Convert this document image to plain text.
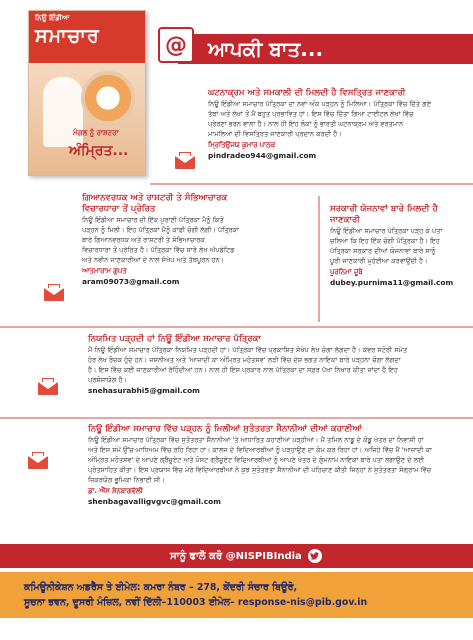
ਨਿਊ ਇੰਡੀਆ
ਸਮਾਚਾਰ
ਮੰਗਲ ਨੂੰ ਰਾਸ਼ਟਰਾ
ਅੰਮ੍ਰਿਤ...
ਆਪਕੀ ਬਾਤ...
@
ਘਟਨਾਕ੍ਰਮ ਅਤੇ ਸਮਕਾਲੀ ਦੀ ਮਿਲਦੀ ਹੈ ਵਿਸਤ੍ਰਿਤ ਜਾਣਕਾਰੀ
ਨਿਊ ਇੰਡੀਆ ਸਮਾਚਾਰ ਪੱਤ੍ਰਿਕਾ ਦਾ ਨਵਾਂ ਅੰਕ ਪੜ੍ਹਨ ਨੂੰ ਮਿਲਿਆ। ਪੱਤ੍ਰਿਕਾ ਵਿੱਚ ਦਿੱਤੇ ਗਏ
ਤੱਥਾਂ ਅਤੇ ਲੇਖਾਂ ਤੋਂ ਮੈਂ ਬਹੁਤ ਪ੍ਰਭਾਵਿਤ ਹਾਂ। ਇਸ ਵਿੱਚ ਦਿੱਤਾ ਗਿਆ ਟਾਈਟਲ ਲੇਖਾਂ ਵਿੱਚ
ਪ੍ਰੇਰਣਾ ਭਰਨ ਵਾਲਾ ਹੈ। ਨਾਲ ਹੀ ਇਹ ਲੋਕਾਂ ਨੂੰ ਭਾਰਤੀ ਘਟਨਾਕ੍ਰਮ ਅਤੇ ਵਰਤਮਾਨ
ਮਾਮਲਿਆਂ ਦੀ ਵਿਸਤ੍ਰਿਤ ਜਾਣਕਾਰੀ ਪ੍ਰਦਾਨ ਕਰਦੀ ਹੈ।
ਮ੍ਰਿਤਿਉਂਜਯ ਕੁਮਾਰ ਪਾਠਕ
pindradeo944@gmail.com
ਗਿਆਨਵਰਧਕ ਅਤੇ ਰਾਸ਼ਟਰੀ ਤੇ ਸੰਭਿਆਚਾਰਕ
ਵਿਚਾਰਧਾਰਾ ਤੋਂ ਪ੍ਰੇਰਿਤ
ਨਿਊ ਇੰਡੀਆ ਸਮਾਚਾਰ ਦੀ ਇੱਕ ਪੁਰਾਣੀ ਪੱਤ੍ਰਿਕਾ ਮੈਨੂੰ ਕਿਤੋਂ
ਪੜ੍ਹਨ ਨੂੰ ਮਿਲੀ। ਇਹ ਪੱਤ੍ਰਿਕਾ ਮੈਨੂੰ ਕਾਫੀ ਚੰਗੀ ਲੱਗੀ। ਪੱਤ੍ਰਿਕਾ
ਬਾਰੇ ਗਿਆਨਵਰਧਕ ਅਤੇ ਰਾਸ਼ਟਰੀ ਤੇ ਸੰਭਿਆਚਾਰਕ
ਵਿਚਾਰਧਾਰਾ ਤੋਂ ਪ੍ਰੇਰਿਤ ਹੈ। ਪੱਤ੍ਰਿਕਾ ਵਿੱਚ ਸਾਰੇ ਲੇਖ ਅੱਪਡੇਟਿਡ
ਅਤੇ ਨਵੀਨ ਜਾਣਕਾਰੀਆਂ ਦੇ ਨਾਲ ਸੰਖੇਪ ਅਤੇ ਤੱਥਪੂਰਨ ਹਨ।
ਆਤਮਾਰਾਮ ਗੁਪਤ
aram09073@gmail.com
ਸਰਕਾਰੀ ਯੋਜਨਾਵਾਂ ਬਾਰੇ ਮਿਲਦੀ ਹੈ
ਜਾਣਕਾਰੀ
ਨਿਊ ਇੰਡੀਆ ਸਮਾਚਾਰ ਪੱਤ੍ਰਿਕਾ ਪੜ੍ਹ ਕੇ ਪਤਾ
ਚਲਿਆ ਕਿ ਇਹ ਇੱਕ ਚੰਗੀ ਪੱਤ੍ਰਿਕਾ ਹੈ। ਇਹ
ਪੱਤ੍ਰਿਕਾ ਸਰਕਾਰ ਦੀਆਂ ਯੋਜਨਾਵਾਂ ਬਾਰੇ ਸਾਨੂੰ
ਪੂਰੀ ਜਾਣਕਾਰੀ ਮੁਹੱਈਆ ਕਰਵਾਉਂਦੀ ਹੈ।
ਪੂਰਨਿਮਾ ਦੂਬੇ
dubey.purnima11@gmail.com
ਨਿਯਮਿਤ ਪੜ੍ਹਦੀ ਹਾਂ ਨਿਊ ਇੰਡੀਆ ਸਮਾਚਾਰ ਪੱਤ੍ਰਿਕਾ
ਮੈਂ ਨਿਊ ਇੰਡੀਆ ਸਮਾਚਾਰ ਪੱਤ੍ਰਿਕਾ ਨਿਯਮਿਤ ਪੜ੍ਹਦੀ ਹਾਂ। ਪੱਤ੍ਰਿਕਾ ਵਿੱਚ ਪ੍ਰਕਾਸ਼ਿਤ ਸੰਖੇਪ ਲੇਖ ਚੰਗਾ ਲੱਗਦਾ ਹੈ। ਕਵਰ ਸਟੋਰੀ ਸਮੇਤ
ਹੋਰ ਲੇਖ ਰੌਚਕ ਹੁੰਦੇ ਹਨ। ਜਸ਼ਨੀਅਤ ਅਤੇ 'ਆਜ਼ਾਦੀ ਕਾ ਅੰਮ੍ਰਿਤ ਮਹੋਤਸਵ' ਲੜੀ ਵਿੱਚ ਦੇਸ਼ ਭਗਤ ਨਾਇਕਾਂ ਬਾਰੇ ਪੜ੍ਹਨਾ ਚੰਗਾ ਲੱਗਦਾ
ਹੈ। ਇਸ ਵਿੱਚ ਕਈ ਜਾਣਕਾਰੀਆਂ ਰੱਹਿੰਦੀਆਂ ਹਨ। ਨਾਲ ਹੀ ਇਸ ਪ੍ਰਕਾਰ ਨਾਲ ਪੱਤ੍ਰਿਕਾ ਦਾ ਸਫ਼ਰ ਪੱਖਾ ਨਿਖਾਰ ਕੀਤਾ ਜਾਂਦਾ ਹੈ ਇਹ
ਪ੍ਰਸ਼ੰਸਾਯੋਗ ਹੈ।
snehasurabhi5@gmail.com
ਨਿਊ ਇੰਡੀਆ ਸਮਾਚਾਰ ਵਿੱਚ ਪੜ੍ਹਨ ਨੂੰ ਮਿਲੀਆਂ ਸੁਤੰਤਰਤਾ ਸੈਨਾਨੀਆਂ ਦੀਆਂ ਕਹਾਣੀਆਂ
ਨਿਊ ਇੰਡੀਆ ਸਮਾਚਾਰ ਪੱਤ੍ਰਿਕਾ ਵਿੱਚ ਸੁਤੰਤਰਤਾ ਸੈਨਾਨੀਆਂ 'ਤੇ ਆਧਾਰਿਤ ਕਹਾਣੀਆਂ ਪੜ੍ਹੀਆਂ। ਮੈਂ ਤਮਿਲ ਨਾਡੂ ਦੇ ਕੋਡੂ ਖੇਤਰ ਦਾ ਨਿਵਾਸੀ ਹਾਂ
ਅਤੇ ਇਸ ਸਮੇਂ ਉੱਚ-ਮਾਧਿਅਮ ਵਿੱਚ ਰਹਿ ਰਿਹਾ ਹਾਂ। ਕਾਲਜ ਦੇ ਵਿਦਿਆਰਥੀਆਂ ਨੂੰ ਪੜ੍ਹਾਉਣ ਦਾ ਕੰਮ ਕਰ ਰਿਹਾ ਹਾਂ। ਅਜਿਹੇ ਵਿੱਚ ਮੈਂ 'ਆਜ਼ਾਦੀ ਕਾ
ਅੰਮ੍ਰਿਤ ਮਹੋਤਸਵ' ਦੇ ਆਪਣੇ ਗ੍ਰੈਜੂਏਟ ਅਤੇ ਪੋਸਟ ਗ੍ਰੈਜੂਏਟ ਵਿਦਿਆਰਥੀਆਂ ਨੂੰ ਆਪਣੇ ਖੇਤਰ ਦੇ ਗੁੰਮਨਾਮ ਨਾਇਕਾਂ ਬਾਰੇ ਪਤਾ ਲਗਾਉਣ ਦੇ ਲਈ
ਪ੍ਰੋਤਸਾਹਿਤ ਕੀਤਾ। ਇਸ ਪ੍ਰਯਾਸ ਵਿੱਚ ਮੇਰੇ ਵਿਦਿਆਰਥੀਆਂ ਨੇ ਕੁਝ ਸੁਤੰਤਰਤਾ ਸੈਨਾਨੀਆਂ ਦੀ ਪਹਿਚਾਣ ਕੀਤੀ ਜਿਨ੍ਹਾਂ ਨੇ ਸੁਤੰਤਰਤਾ ਸੰਗ੍ਰਾਮ ਵਿੱਚ
ਜ਼ਿਕਰਯੋਗ ਭੂਮਿਕਾ ਨਿਭਾਈ ਸੀ।
ਡਾ. ਐੱਸ ਸ਼ੇਨਬਾਗਵੱਲੀ
shenbagavalligvgvc@gmail.com
ਸਾਨੂੰ ਫਾਲੋ ਕਰੋ @NISPIBIndia
ਕਮਿਊਨੀਕੇਸ਼ਨ ਅਡਰੈੱਸ ਤੇ ਈਮੇਲ: ਕਮਰਾ ਨੰਬਰ – 278, ਕੇਂਦਰੀ ਸੰਚਾਰ ਬਿਊਰੋ,
ਸੂਚਨਾ ਭਵਨ, ਦੂਸਰੀ ਮੰਜ਼ਿਲ, ਨਵੀਂ ਦਿੱਲੀ–110003 ਈਮੇਲ– response-nis@pib.gov.in
